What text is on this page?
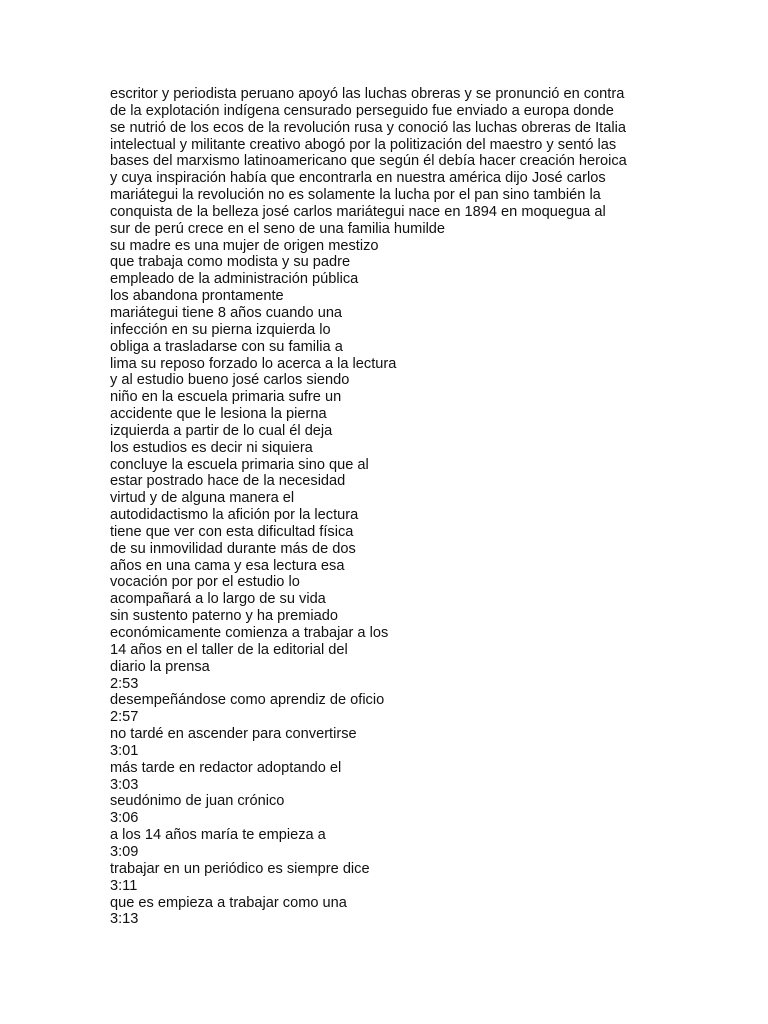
escritor y periodista peruano apoyó las luchas obreras y se pronunció en contra
de la explotación indígena censurado perseguido fue enviado a europa donde
se nutrió de los ecos de la revolución rusa y conoció las luchas obreras de Italia
intelectual y militante creativo abogó por la politización del maestro y sentó las
bases del marxismo latinoamericano que según él debía hacer creación heroica
y cuya inspiración había que encontrarla en nuestra américa dijo José carlos
mariátegui la revolución no es solamente la lucha por el pan sino también la
conquista de la belleza josé carlos mariátegui nace en 1894 en moquegua al
sur de perú crece en el seno de una familia humilde
su madre es una mujer de origen mestizo
que trabaja como modista y su padre
empleado de la administración pública
los abandona prontamente
mariátegui tiene 8 años cuando una
infección en su pierna izquierda lo
obliga a trasladarse con su familia a
lima su reposo forzado lo acerca a la lectura
y al estudio bueno josé carlos siendo
niño en la escuela primaria sufre un
accidente que le lesiona la pierna
izquierda a partir de lo cual él deja
los estudios es decir ni siquiera
concluye la escuela primaria sino que al
estar postrado hace de la necesidad
virtud y de alguna manera el
autodidactismo la afición por la lectura
tiene que ver con esta dificultad física
de su inmovilidad durante más de dos
años en una cama y esa lectura esa
vocación por por el estudio lo
acompañará a lo largo de su vida
sin sustento paterno y ha premiado
económicamente comienza a trabajar a los
14 años en el taller de la editorial del
diario la prensa
2:53
desempeñándose como aprendiz de oficio
2:57
no tardé en ascender para convertirse
3:01
más tarde en redactor adoptando el
3:03
seudónimo de juan crónico
3:06
a los 14 años maría te empieza a
3:09
trabajar en un periódico es siempre dice
3:11
que es empieza a trabajar como una
3:13
